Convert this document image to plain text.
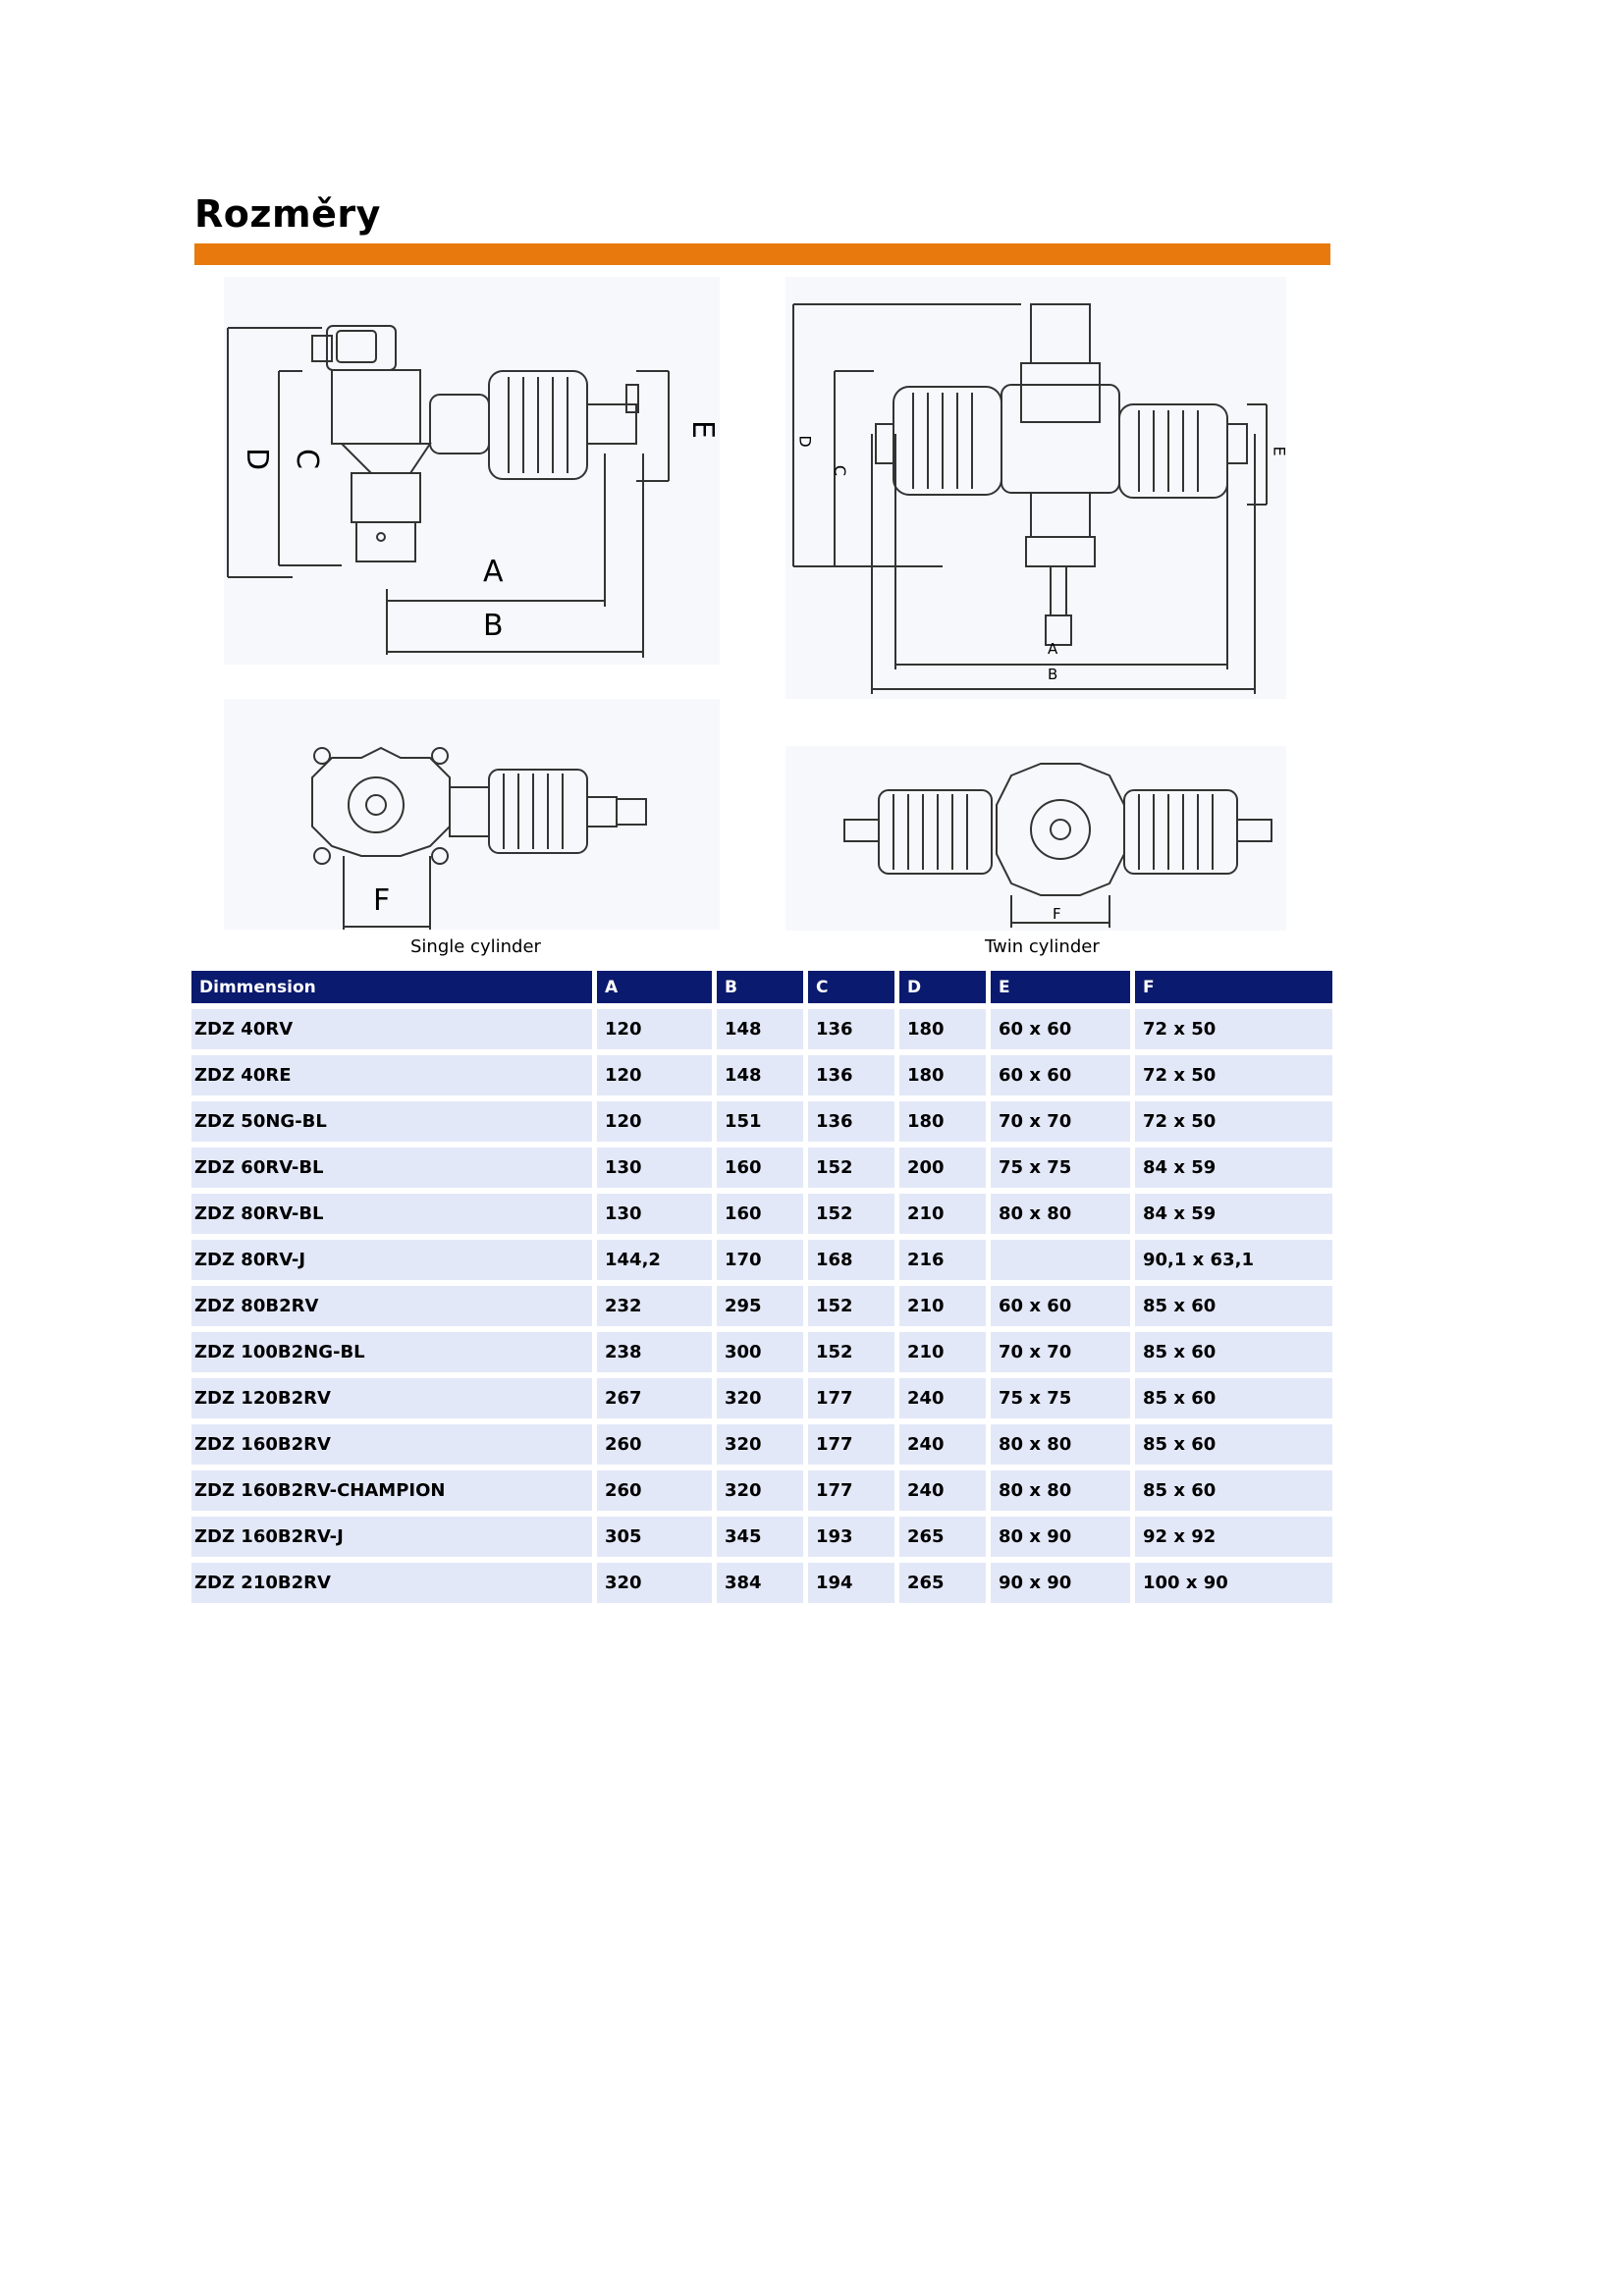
Rozměry
D C
E
A
B
D
C
E
A
B
F	F
Single cylinder	Twin cylinder
Dimmension	A	B	C	D	E	F
ZDZ 40RV	120	148	136	180	60 x 60	72 x 50
ZDZ 40RE	120	148	136	180	60 x 60	72 x 50
ZDZ 50NG-BL	120	151	136	180	70 x 70	72 x 50
ZDZ 60RV-BL	130	160	152	200	75 x 75	84 x 59
ZDZ 80RV-BL	130	160	152	210	80 x 80	84 x 59
ZDZ 80RV-J	144,2	170	168	216		90,1 x 63,1
ZDZ 80B2RV	232	295	152	210	60 x 60	85 x 60
ZDZ 100B2NG-BL	238	300	152	210	70 x 70	85 x 60
ZDZ 120B2RV	267	320	177	240	75 x 75	85 x 60
ZDZ 160B2RV	260	320	177	240	80 x 80	85 x 60
ZDZ 160B2RV-CHAMPION	260	320	177	240	80 x 80	85 x 60
ZDZ 160B2RV-J	305	345	193	265	80 x 90	92 x 92
ZDZ 210B2RV	320	384	194	265	90 x 90	100 x 90
